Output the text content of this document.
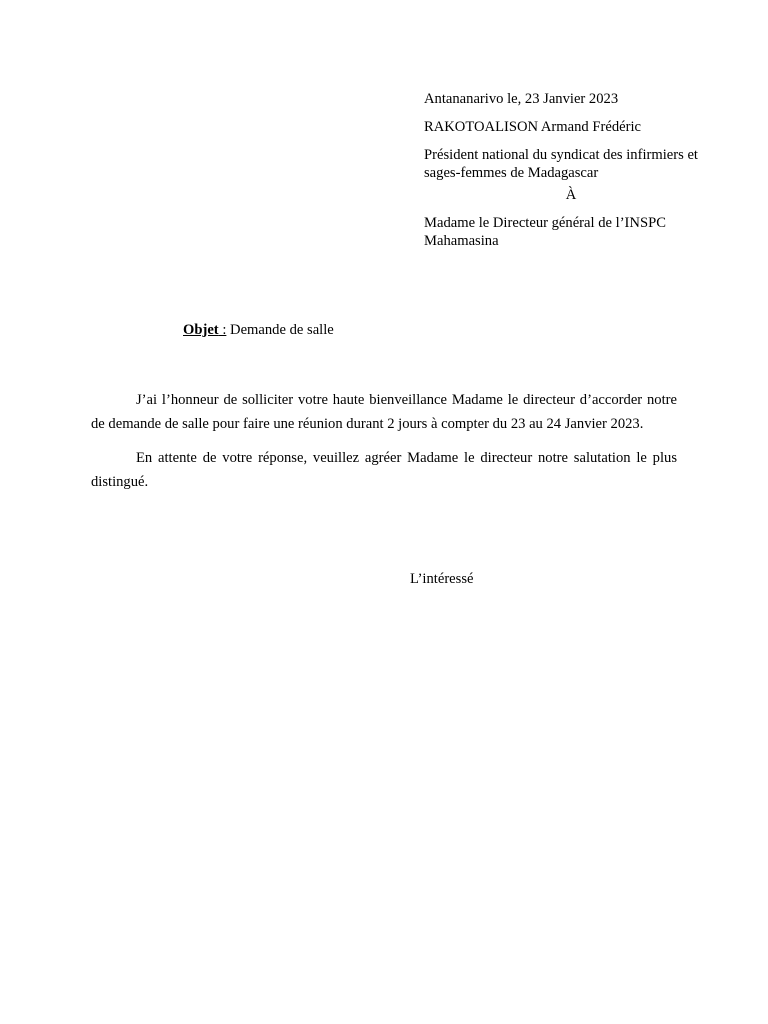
Antananarivo le, 23 Janvier 2023

RAKOTOALISON Armand Frédéric

Président national du syndicat des infirmiers et sages-femmes de Madagascar

À

Madame le Directeur général de l’INSPC

Mahamasina

Objet : Demande de salle

J’ai l’honneur de solliciter votre haute bienveillance Madame le directeur d’accorder notre de demande de salle pour faire une réunion durant 2 jours à compter du 23 au 24 Janvier 2023.

En attente de votre réponse, veuillez agréer Madame le directeur notre salutation le plus distingué.

L’intéressé
